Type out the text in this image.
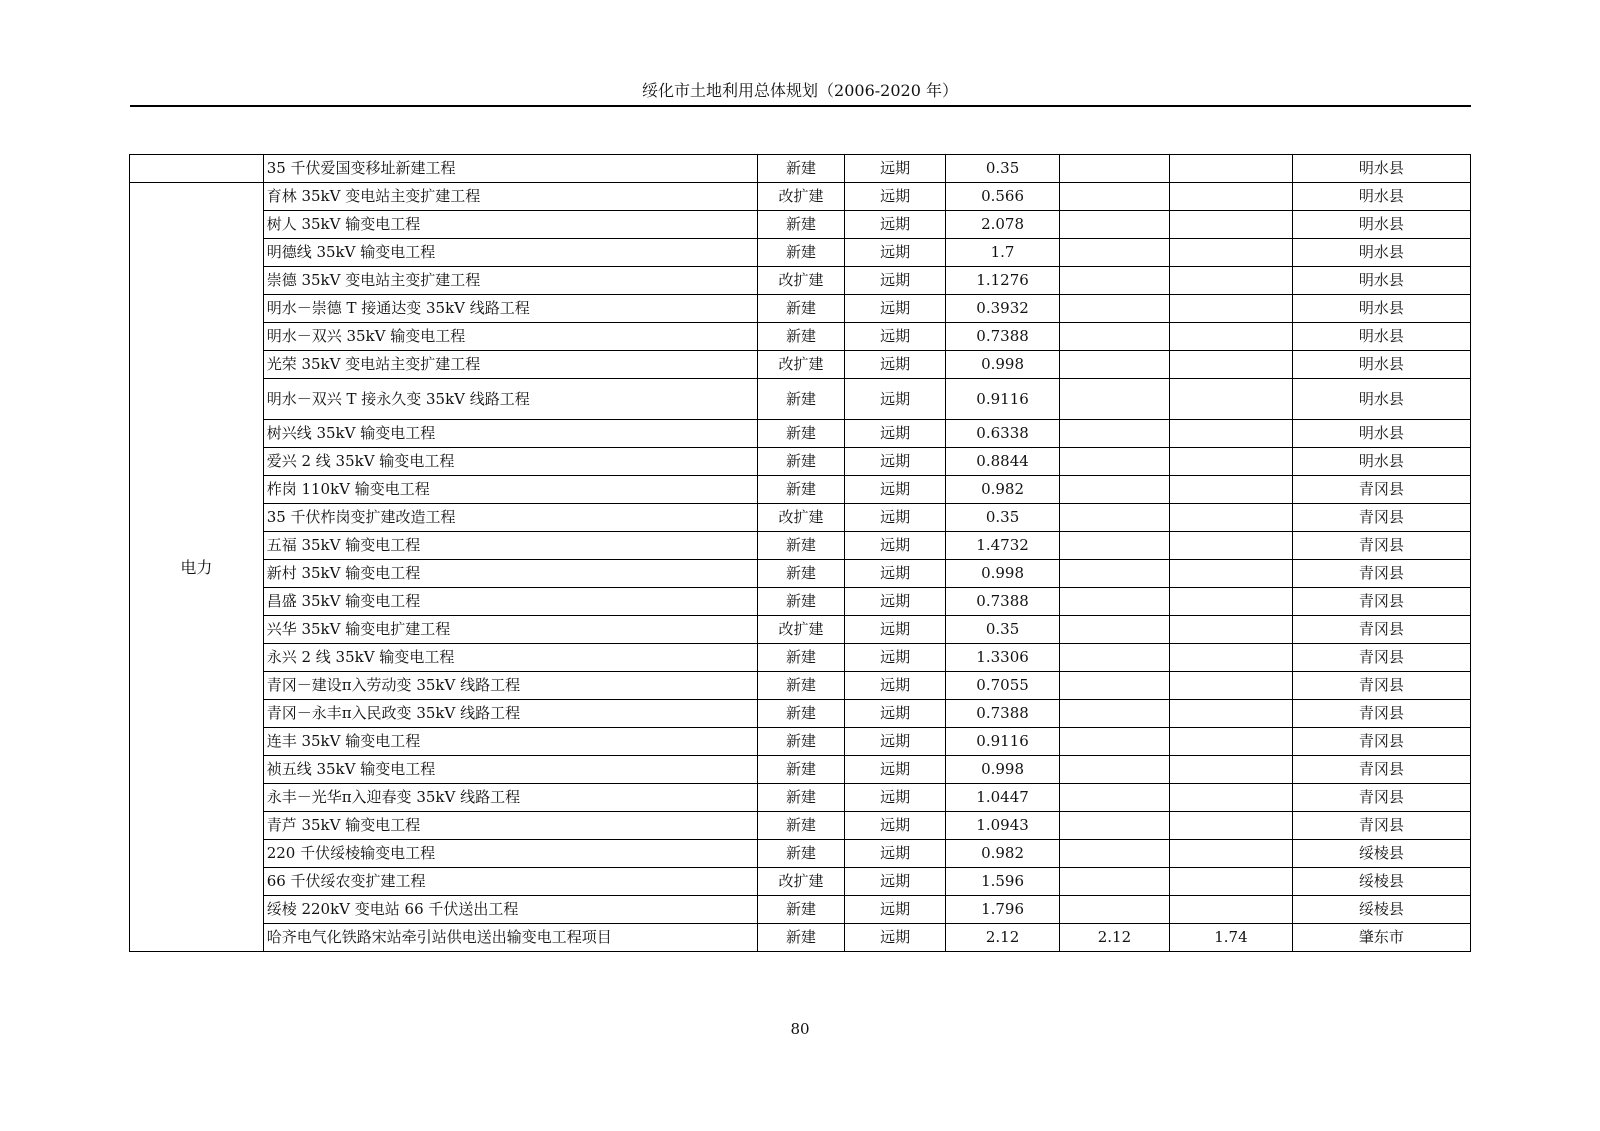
绥化市土地利用总体规划（2006-2020 年）
	35 千伏爱国变移址新建工程	新建	远期	0.35			明水县
电力	育林 35kV 变电站主变扩建工程	改扩建	远期	0.566			明水县
	树人 35kV 输变电工程	新建	远期	2.078			明水县
	明德线 35kV 输变电工程	新建	远期	1.7			明水县
	崇德 35kV 变电站主变扩建工程	改扩建	远期	1.1276			明水县
	明水－崇德 T 接通达变 35kV 线路工程	新建	远期	0.3932			明水县
	明水－双兴 35kV 输变电工程	新建	远期	0.7388			明水县
	光荣 35kV 变电站主变扩建工程	改扩建	远期	0.998			明水县
	明水－双兴 T 接永久变 35kV 线路工程	新建	远期	0.9116			明水县
	树兴线 35kV 输变电工程	新建	远期	0.6338			明水县
	爱兴 2 线 35kV 输变电工程	新建	远期	0.8844			明水县
	柞岗 110kV 输变电工程	新建	远期	0.982			青冈县
	35 千伏柞岗变扩建改造工程	改扩建	远期	0.35			青冈县
	五福 35kV 输变电工程	新建	远期	1.4732			青冈县
	新村 35kV 输变电工程	新建	远期	0.998			青冈县
	昌盛 35kV 输变电工程	新建	远期	0.7388			青冈县
	兴华 35kV 输变电扩建工程	改扩建	远期	0.35			青冈县
	永兴 2 线 35kV 输变电工程	新建	远期	1.3306			青冈县
	青冈－建设π入劳动变 35kV 线路工程	新建	远期	0.7055			青冈县
	青冈－永丰π入民政变 35kV 线路工程	新建	远期	0.7388			青冈县
	连丰 35kV 输变电工程	新建	远期	0.9116			青冈县
	祯五线 35kV 输变电工程	新建	远期	0.998			青冈县
	永丰－光华π入迎春变 35kV 线路工程	新建	远期	1.0447			青冈县
	青芦 35kV 输变电工程	新建	远期	1.0943			青冈县
	220 千伏绥棱输变电工程	新建	远期	0.982			绥棱县
	66 千伏绥农变扩建工程	改扩建	远期	1.596			绥棱县
	绥棱 220kV 变电站 66 千伏送出工程	新建	远期	1.796			绥棱县
	哈齐电气化铁路宋站牵引站供电送出输变电工程项目	新建	远期	2.12	2.12	1.74	肇东市
80
